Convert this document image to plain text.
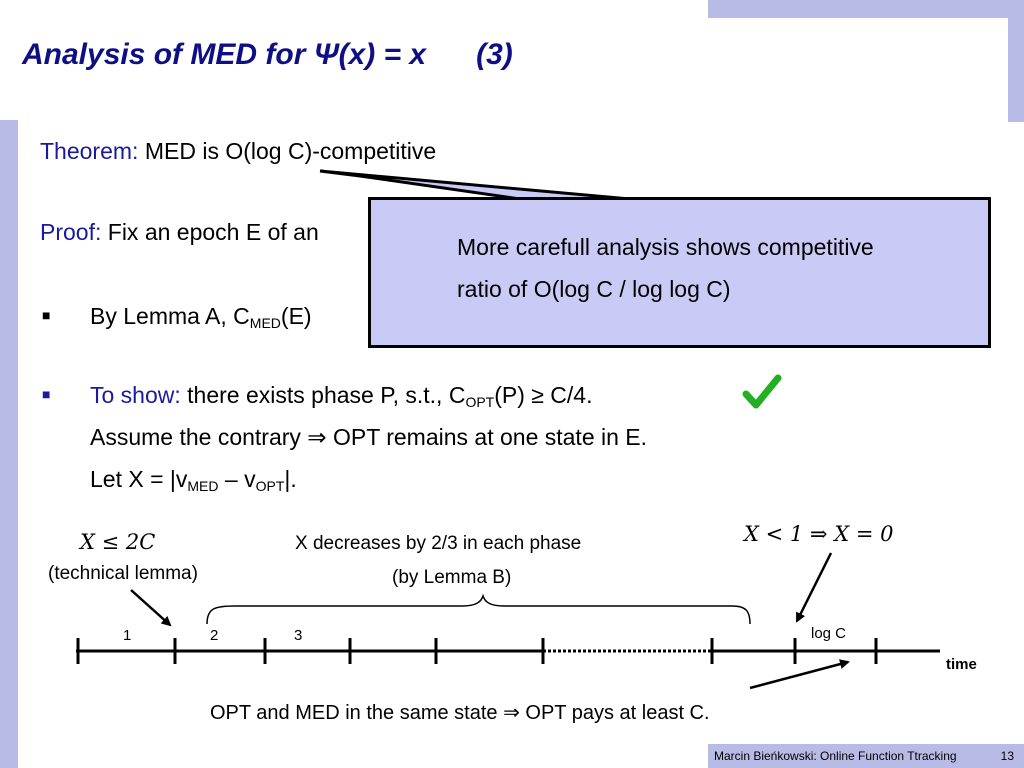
Analysis of MED for Ψ(x) = x      (3)
Theorem: MED is O(log C)-competitive
Proof: Fix an epoch E of an
■ By Lemma A, $C_{MED}(E)$
■ To show: there exists phase P, s.t., $C_{OPT}(P) \ge C/4$.
Assume the contrary ⇒ OPT remains at one state in E.
Let $X = |v_{MED} - v_{OPT}|$.
More carefull analysis shows competitive
ratio of O(log C / log log C)
X ≤ 2C
(technical lemma)
X decreases by 2/3 in each phase
(by Lemma B)
X < 1 ⇒ X = 0
1	2	3	log C
time
OPT and MED in the same state ⇒ OPT pays at least C.
Marcin Bieńkowski: Online Function Ttracking	13
